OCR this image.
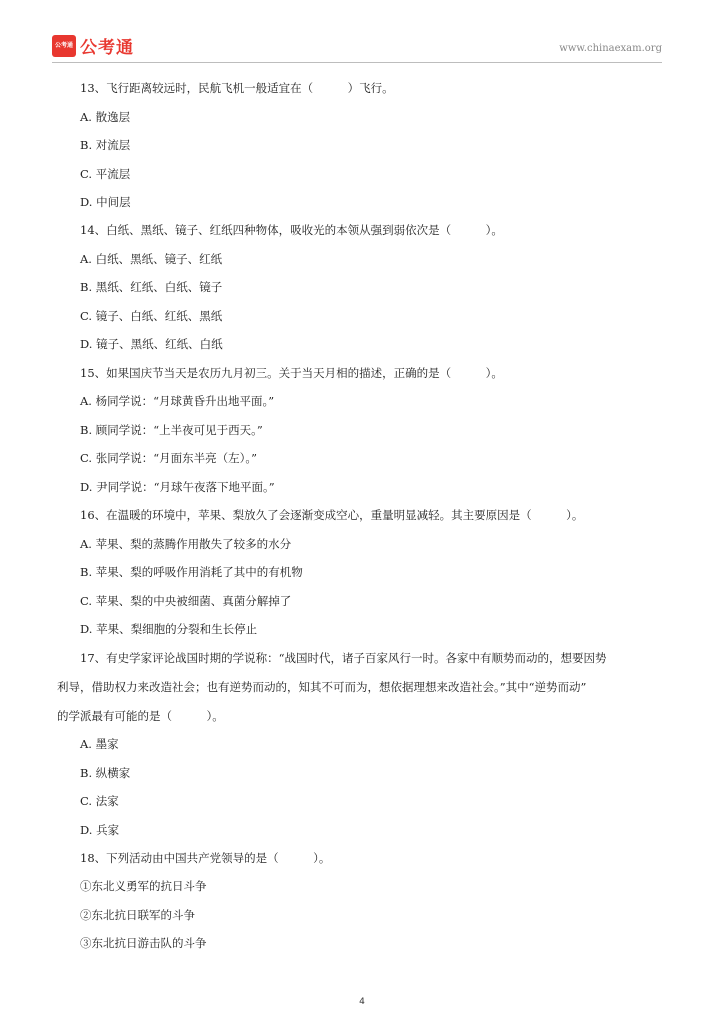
公考通 公考通	www.chinaexam.org
13、飞行距离较远时，民航飞机一般适宜在（　　　）飞行。
A. 散逸层
B. 对流层
C. 平流层
D. 中间层
14、白纸、黑纸、镜子、红纸四种物体，吸收光的本领从强到弱依次是（　　　）。
A. 白纸、黑纸、镜子、红纸
B. 黑纸、红纸、白纸、镜子
C. 镜子、白纸、红纸、黑纸
D. 镜子、黑纸、红纸、白纸
15、如果国庆节当天是农历九月初三。关于当天月相的描述，正确的是（　　　）。
A. 杨同学说：“月球黄昏升出地平面。”
B. 顾同学说：“上半夜可见于西天。”
C. 张同学说：“月面东半亮（左）。”
D. 尹同学说：“月球午夜落下地平面。”
16、在温暖的环境中，苹果、梨放久了会逐渐变成空心，重量明显减轻。其主要原因是（　　　）。
A. 苹果、梨的蒸腾作用散失了较多的水分
B. 苹果、梨的呼吸作用消耗了其中的有机物
C. 苹果、梨的中央被细菌、真菌分解掉了
D. 苹果、梨细胞的分裂和生长停止
17、有史学家评论战国时期的学说称：“战国时代，诸子百家风行一时。各家中有顺势而动的，想要因势
利导，借助权力来改造社会；也有逆势而动的，知其不可而为，想依据理想来改造社会。”其中“逆势而动”
的学派最有可能的是（　　　）。
A. 墨家
B. 纵横家
C. 法家
D. 兵家
18、下列活动由中国共产党领导的是（　　　）。
①东北义勇军的抗日斗争
②东北抗日联军的斗争
③东北抗日游击队的斗争
4
